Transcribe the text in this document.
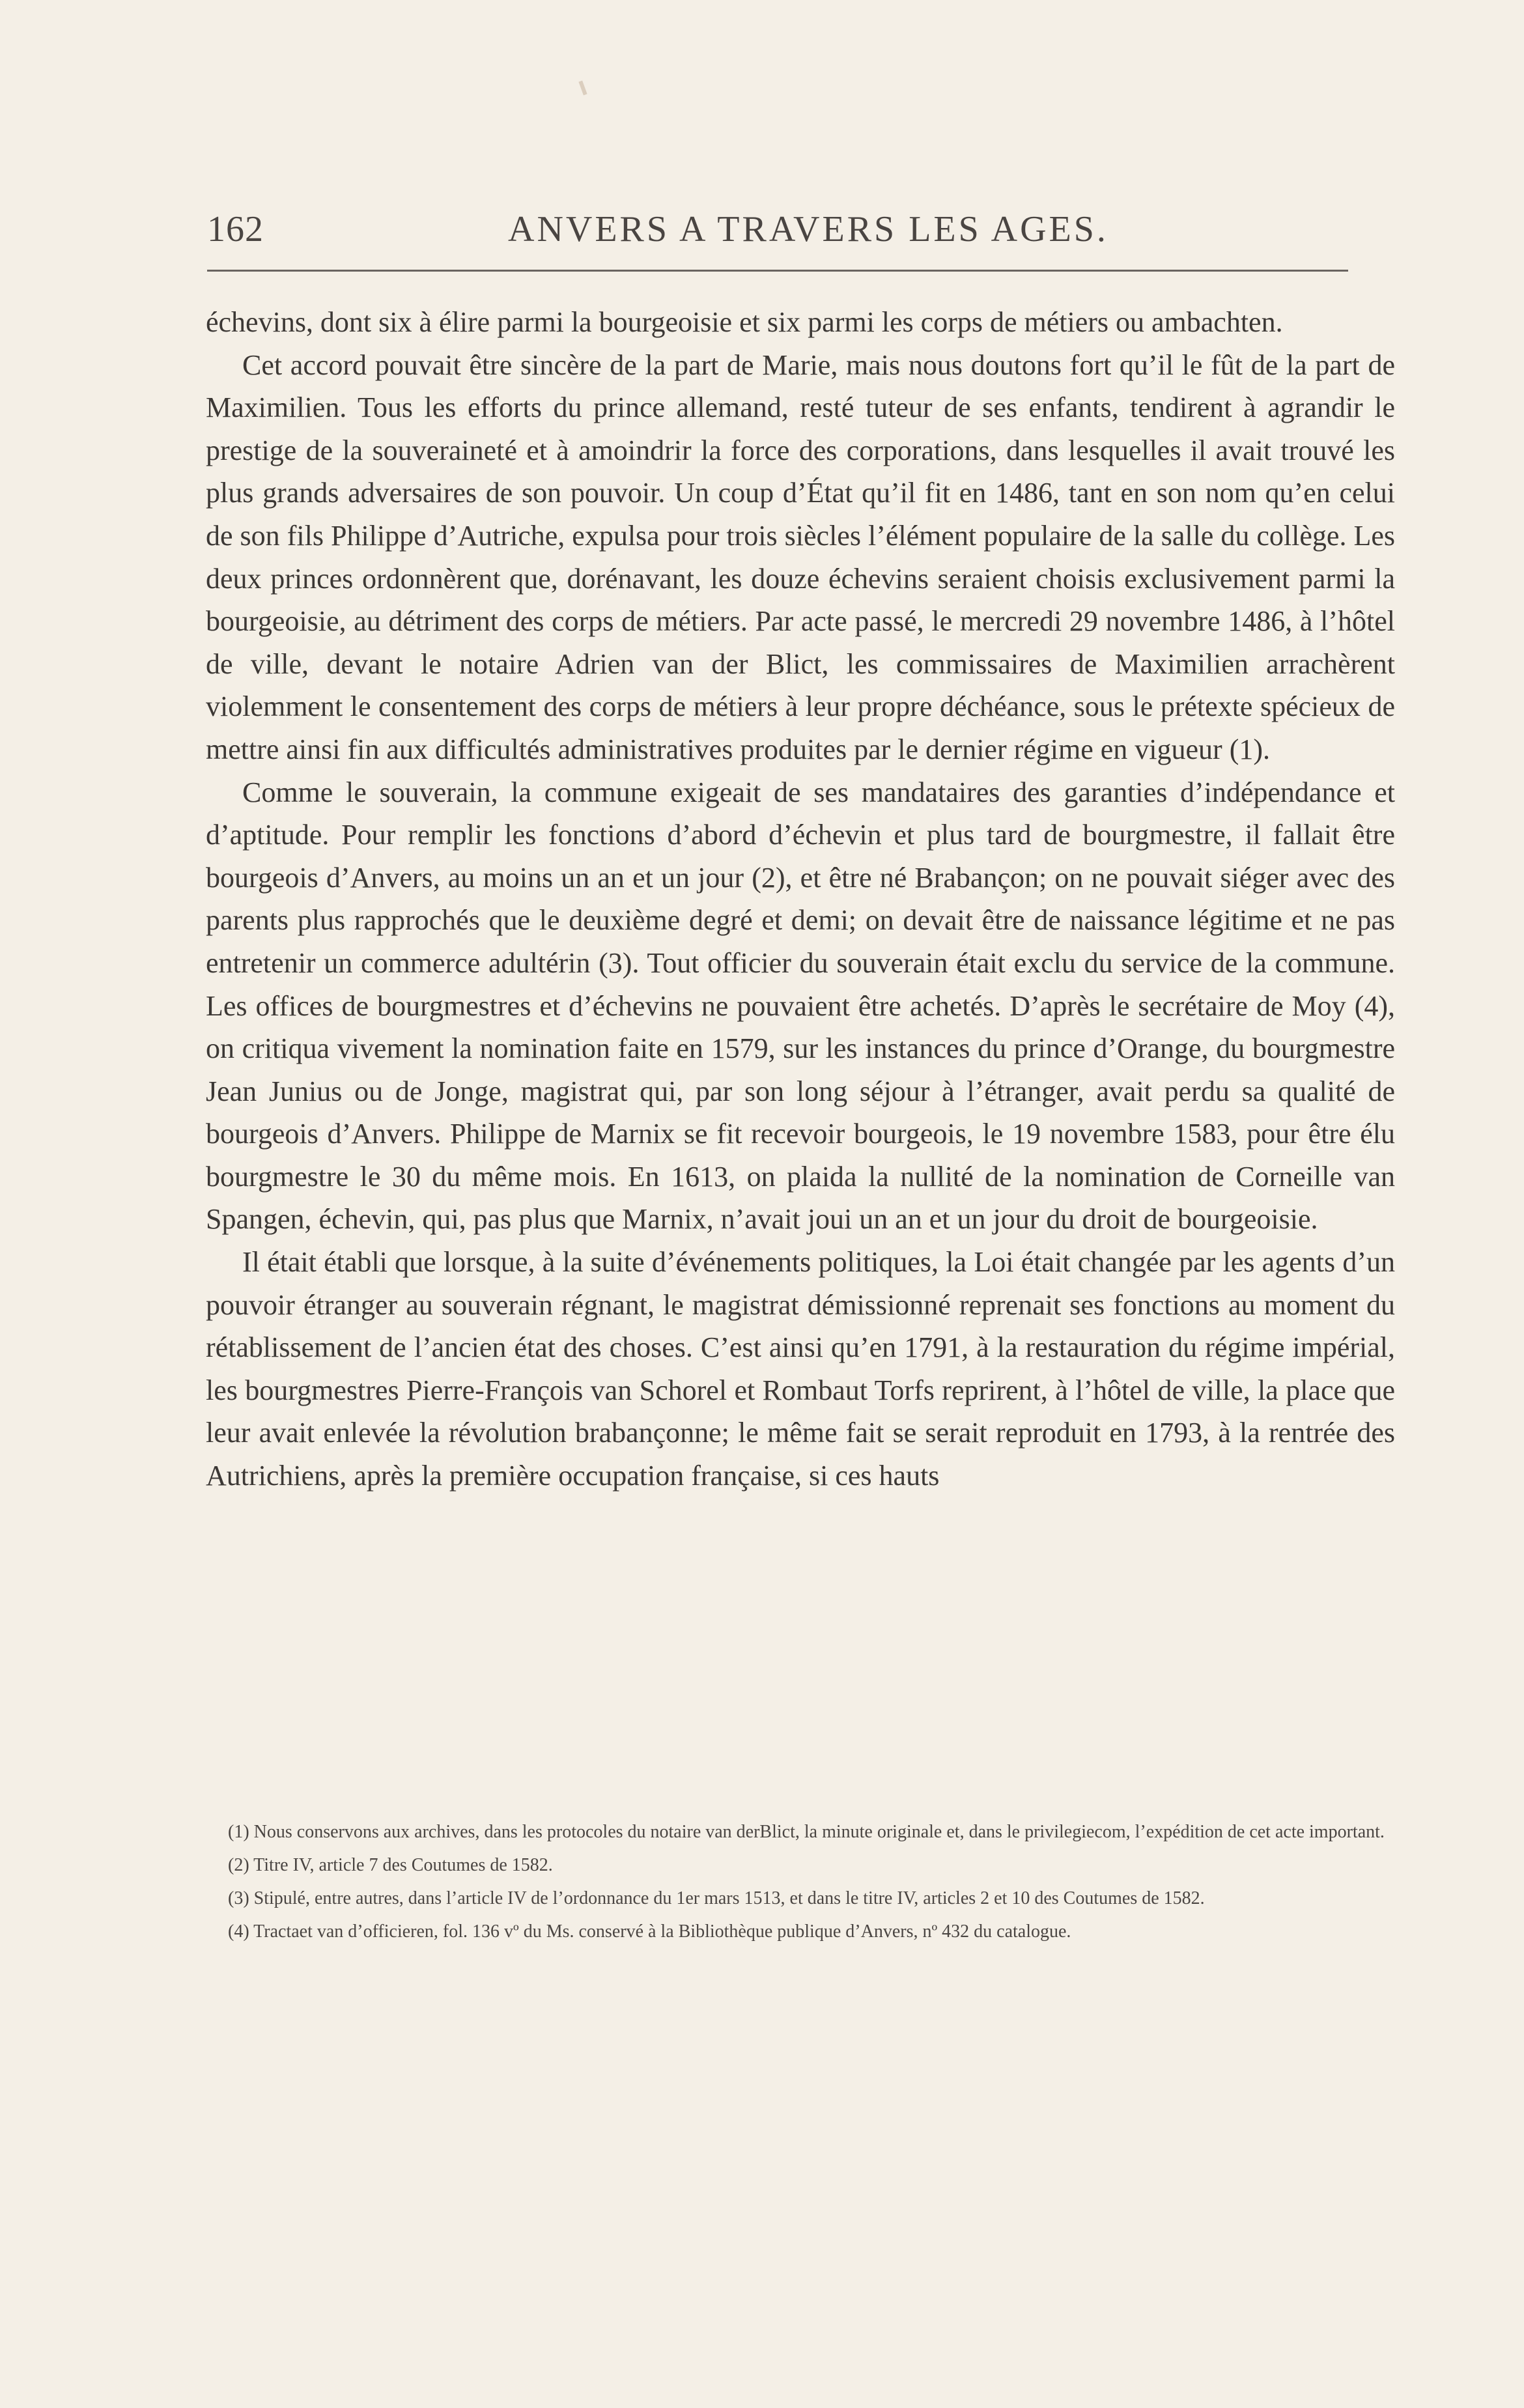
162	ANVERS A TRAVERS LES AGES.

échevins, dont six à élire parmi la bourgeoisie et six parmi les corps de métiers ou ambachten.

Cet accord pouvait être sincère de la part de Marie, mais nous doutons fort qu’il le fût de la part de Maximilien. Tous les efforts du prince allemand, resté tuteur de ses enfants, tendirent à agrandir le prestige de la souveraineté et à amoindrir la force des corporations, dans lesquelles il avait trouvé les plus grands adversaires de son pouvoir. Un coup d’État qu’il fit en 1486, tant en son nom qu’en celui de son fils Philippe d’Autriche, expulsa pour trois siècles l’élément populaire de la salle du collège. Les deux princes ordonnèrent que, dorénavant, les douze échevins seraient choisis exclusivement parmi la bourgeoisie, au détriment des corps de métiers. Par acte passé, le mercredi 29 novembre 1486, à l’hôtel de ville, devant le notaire Adrien van der Blict, les commissaires de Maximilien arrachèrent violemment le consentement des corps de métiers à leur propre déchéance, sous le prétexte spécieux de mettre ainsi fin aux difficultés administratives produites par le dernier régime en vigueur (1).

Comme le souverain, la commune exigeait de ses mandataires des garanties d’indépendance et d’aptitude. Pour remplir les fonctions d’abord d’échevin et plus tard de bourgmestre, il fallait être bourgeois d’Anvers, au moins un an et un jour (2), et être né Brabançon; on ne pouvait siéger avec des parents plus rapprochés que le deuxième degré et demi; on devait être de naissance légitime et ne pas entretenir un commerce adultérin (3). Tout officier du souverain était exclu du service de la commune. Les offices de bourgmestres et d’échevins ne pouvaient être achetés. D’après le secrétaire de Moy (4), on critiqua vivement la nomination faite en 1579, sur les instances du prince d’Orange, du bourgmestre Jean Junius ou de Jonge, magistrat qui, par son long séjour à l’étranger, avait perdu sa qualité de bourgeois d’Anvers. Philippe de Marnix se fit recevoir bourgeois, le 19 novembre 1583, pour être élu bourgmestre le 30 du même mois. En 1613, on plaida la nullité de la nomination de Corneille van Spangen, échevin, qui, pas plus que Marnix, n’avait joui un an et un jour du droit de bourgeoisie.

Il était établi que lorsque, à la suite d’événements politiques, la Loi était changée par les agents d’un pouvoir étranger au souverain régnant, le magistrat démissionné reprenait ses fonctions au moment du rétablissement de l’ancien état des choses. C’est ainsi qu’en 1791, à la restauration du régime impérial, les bourgmestres Pierre-François van Schorel et Rombaut Torfs reprirent, à l’hôtel de ville, la place que leur avait enlevée la révolution brabançonne; le même fait se serait reproduit en 1793, à la rentrée des Autrichiens, après la première occupation française, si ces hauts

(1) Nous conservons aux archives, dans les protocoles du notaire van derBlict, la minute originale et, dans le privilegiecom, l’expédition de cet acte important.

(2) Titre IV, article 7 des Coutumes de 1582.

(3) Stipulé, entre autres, dans l’article IV de l’ordonnance du 1er mars 1513, et dans le titre IV, articles 2 et 10 des Coutumes de 1582.

(4) Tractaet van d’officieren, fol. 136 vº du Ms. conservé à la Bibliothèque publique d’Anvers, nº 432 du catalogue.
